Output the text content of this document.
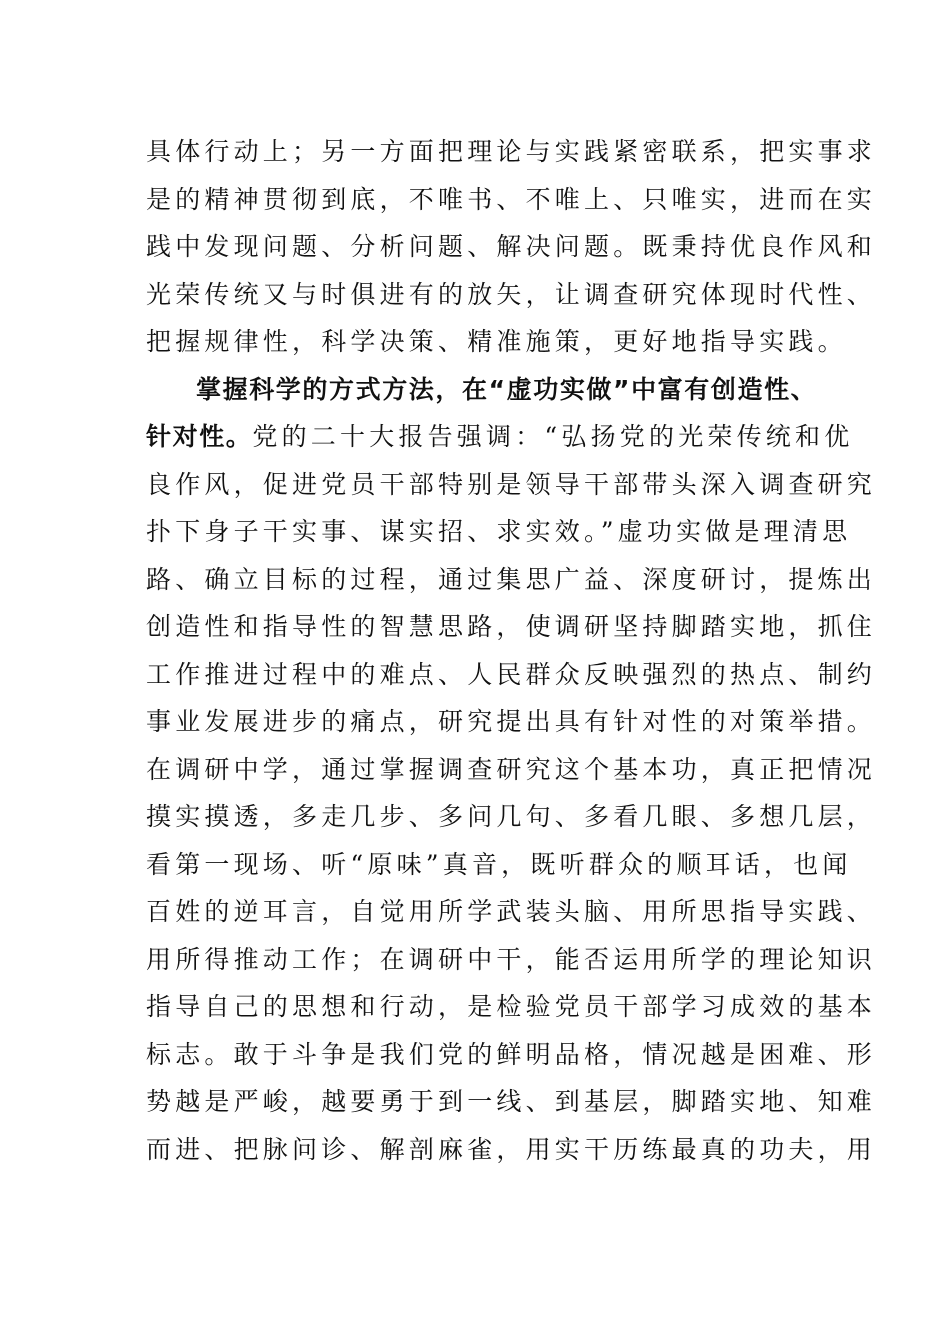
具体行动上；另一方面把理论与实践紧密联系，把实事求
是的精神贯彻到底，不唯书、不唯上、只唯实，进而在实
践中发现问题、分析问题、解决问题。既秉持优良作风和
光荣传统又与时俱进有的放矢，让调查研究体现时代性、
把握规律性，科学决策、精准施策，更好地指导实践。
掌握科学的方式方法，在“虚功实做”中富有创造性、
针对性。党的二十大报告强调：“弘扬党的光荣传统和优
良作风，促进党员干部特别是领导干部带头深入调查研究
扑下身子干实事、谋实招、求实效。”虚功实做是理清思
路、确立目标的过程，通过集思广益、深度研讨，提炼出
创造性和指导性的智慧思路，使调研坚持脚踏实地，抓住
工作推进过程中的难点、人民群众反映强烈的热点、制约
事业发展进步的痛点，研究提出具有针对性的对策举措。
在调研中学，通过掌握调查研究这个基本功，真正把情况
摸实摸透，多走几步、多问几句、多看几眼、多想几层，
看第一现场、听“原味”真音，既听群众的顺耳话，也闻
百姓的逆耳言，自觉用所学武装头脑、用所思指导实践、
用所得推动工作；在调研中干，能否运用所学的理论知识
指导自己的思想和行动，是检验党员干部学习成效的基本
标志。敢于斗争是我们党的鲜明品格，情况越是困难、形
势越是严峻，越要勇于到一线、到基层，脚踏实地、知难
而进、把脉问诊、解剖麻雀，用实干历练最真的功夫，用
